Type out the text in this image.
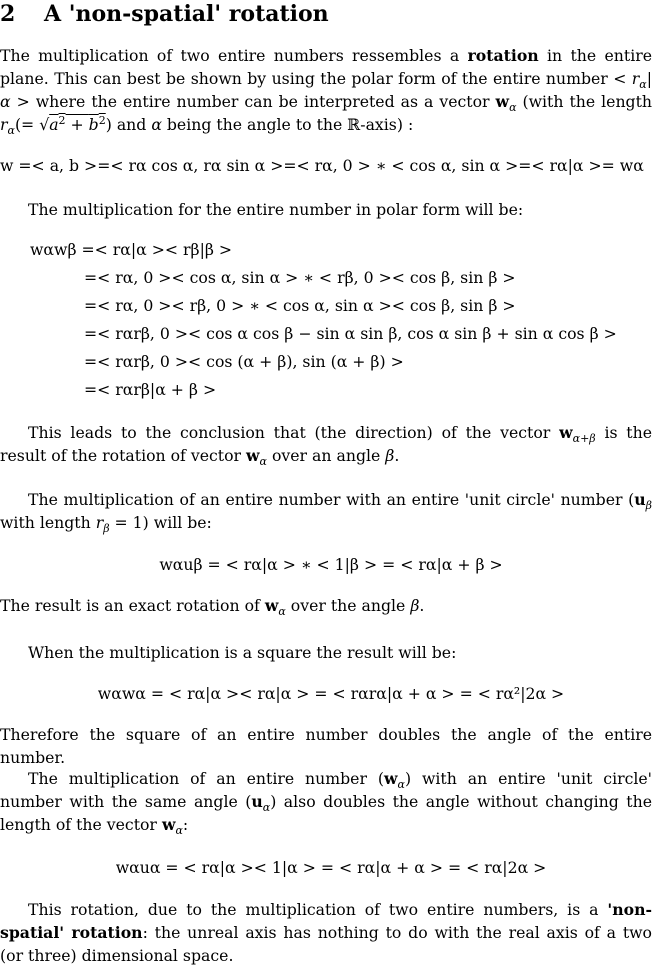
2 A 'non-spatial' rotation

The multiplication of two entire numbers ressembles a rotation in the entire plane. This can best be shown by using the polar form of the entire number < $r_\alpha|\alpha$ > where the entire number can be interpreted as a vector $w_\alpha$ (with the length $r_\alpha(= √a^2 + b^2)$ and α being the angle to the ℝ-axis) :

w =< a, b >=< rα cos α, rα sin α >=< rα, 0 > ∗ < cos α, sin α >=< rα|α >= wα

The multiplication for the entire number in polar form will be:

wαwβ =< rα|α >< rβ|β >
=< rα, 0 >< cos α, sin α > ∗ < rβ, 0 >< cos β, sin β >
=< rα, 0 >< rβ, 0 > ∗ < cos α, sin α >< cos β, sin β >
=< rαrβ, 0 >< cos α cos β − sin α sin β, cos α sin β + sin α cos β >
=< rαrβ, 0 >< cos (α + β), sin (α + β) >
=< rαrβ|α + β >

This leads to the conclusion that (the direction) of the vector $w_{\alpha+\beta}$ is the result of the rotation of vector $w_\alpha$ over an angle β.

The multiplication of an entire number with an entire 'unit circle' number ($u_\beta$ with length $r_\beta = 1$) will be:

wαuβ = < rα|α > ∗ < 1|β > = < rα|α + β >

The result is an exact rotation of $w_\alpha$ over the angle β.

When the multiplication is a square the result will be:

wαwα = < rα|α >< rα|α > = < rαrα|α + α > = < rα²|2α >

Therefore the square of an entire number doubles the angle of the entire number.

The multiplication of an entire number $(w_\alpha)$ with an entire 'unit circle' number with the same angle $(u_\alpha)$ also doubles the angle without changing the length of the vector $w_\alpha$:

wαuα = < rα|α >< 1|α > = < rα|α + α > = < rα|2α >

This rotation, due to the multiplication of two entire numbers, is a 'non-spatial' rotation: the unreal axis has nothing to do with the real axis of a two (or three) dimensional space.
